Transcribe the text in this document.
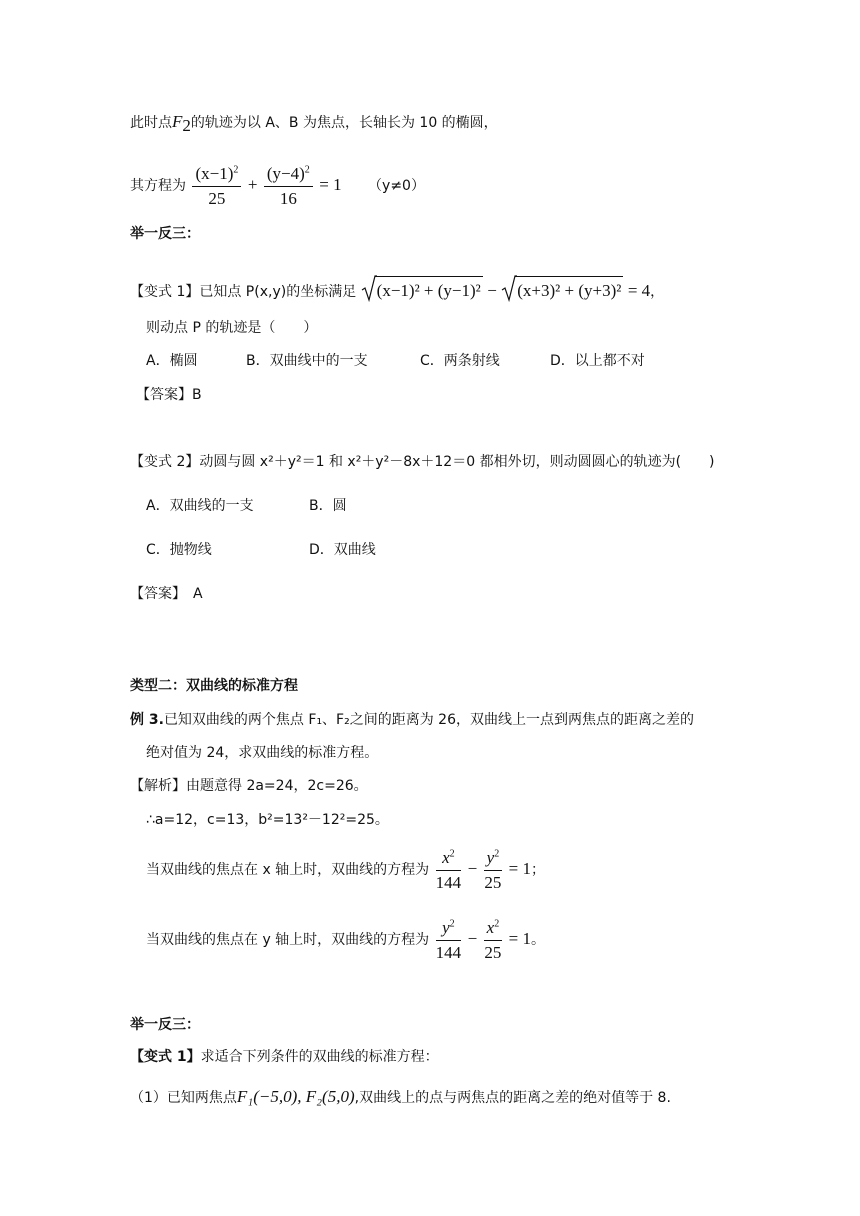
此时点$F_2$的轨迹为以 A、B 为焦点，长轴长为 10 的椭圆，
其方程为 $\frac{(x-1)^2}{25} + \frac{(y-4)^2}{16} = 1$ （y≠0）
举一反三：
【变式 1】已知点 P(x,y)的坐标满足 (x−1)² + (y−1)² − (x+3)² + (y+3)² = 4，
则动点 P 的轨迹是（　　）
A．椭圆	B．双曲线中的一支	C．两条射线	D．以上都不对
【答案】B
【变式 2】动圆与圆 x²＋y²＝1 和 x²＋y²－8x＋12＝0 都相外切，则动圆圆心的轨迹为(　　)
A．双曲线的一支	B．圆
C．抛物线	D．双曲线
【答案】　A
类型二：双曲线的标准方程
例 3.已知双曲线的两个焦点 F₁、F₂之间的距离为 26，双曲线上一点到两焦点的距离之差的
绝对值为 24，求双曲线的标准方程。
【解析】由题意得 2a=24，2c=26。
∴a=12，c=13，b²=13²－12²=25。
当双曲线的焦点在 x 轴上时，双曲线的方程为 $\frac{x^2}{144} - \frac{y^2}{25} = 1$；
当双曲线的焦点在 y 轴上时，双曲线的方程为 $\frac{y^2}{144} - \frac{x^2}{25} = 1$。
举一反三：
【变式 1】求适合下列条件的双曲线的标准方程：
（1）已知两焦点F₁(−5,0), F₂(5,0),双曲线上的点与两焦点的距离之差的绝对值等于 8.
